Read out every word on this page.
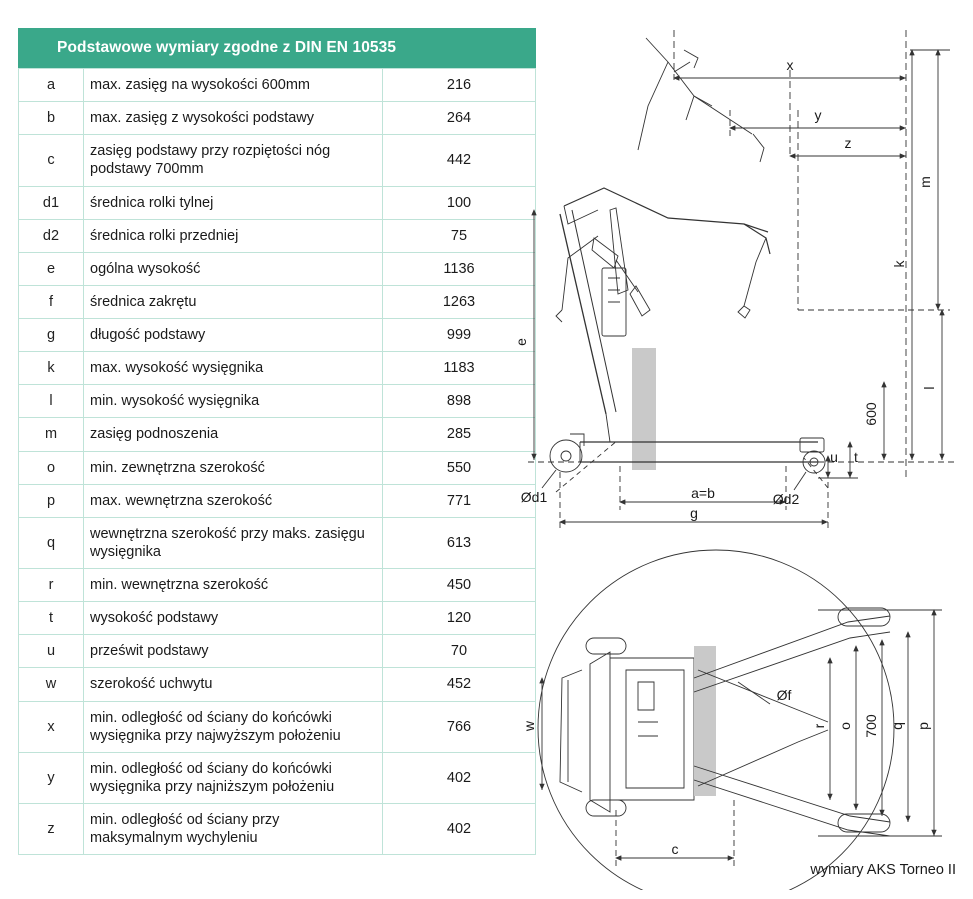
Podstawowe wymiary zgodne z DIN EN 10535
a	max. zasięg na wysokości 600mm	216
b	max. zasięg z wysokości podstawy	264
c	zasięg podstawy przy rozpiętości nóg podstawy 700mm	442
d1	średnica rolki tylnej	100
d2	średnica rolki przedniej	75
e	ogólna wysokość	1136
f	średnica zakrętu	1263
g	długość podstawy	999
k	max. wysokość wysięgnika	1183
l	min. wysokość wysięgnika	898
m	zasięg podnoszenia	285
o	min. zewnętrzna szerokość	550
p	max. wewnętrzna szerokość	771
q	wewnętrzna szerokość przy maks. zasięgu wysięgnika	613
r	min. wewnętrzna szerokość	450
t	wysokość podstawy	120
u	prześwit podstawy	70
w	szerokość uchwytu	452
x	min. odległość od ściany do końcówki wysięgnika przy najwyższym położeniu	766
y	min. odległość od ściany do końcówki wysięgnika przy najniższym położeniu	402
z	min. odległość od ściany przy maksymalnym wychyleniu	402
x
y
z
m
k
l
600
e
t
u
a=b
g
Ød1	Ød2
Øf
w	r o 700 q p
c
wymiary AKS Torneo II
